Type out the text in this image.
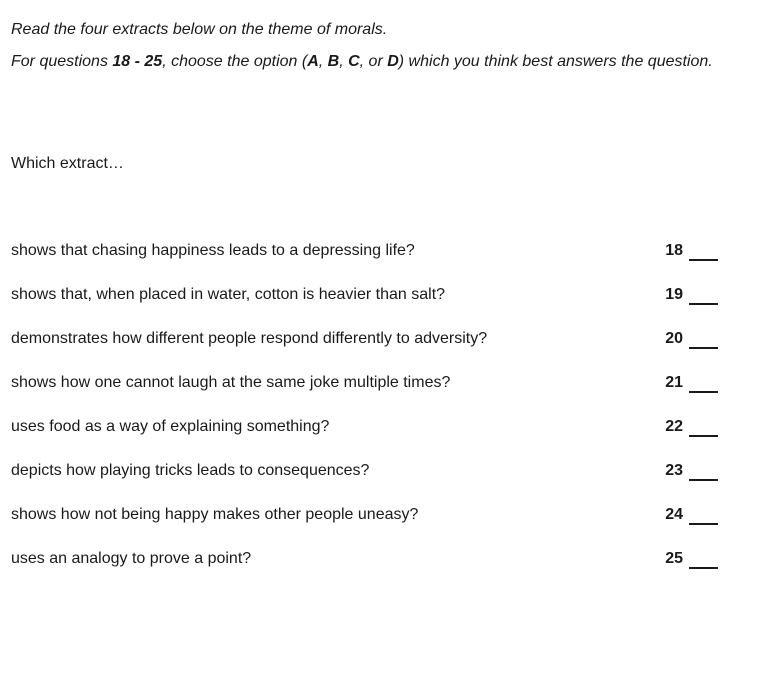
Read the four extracts below on the theme of morals.

For questions 18 - 25, choose the option (A, B, C, or D) which you think best answers the question.

Which extract…
shows that chasing happiness leads to a depressing life?	18
shows that, when placed in water, cotton is heavier than salt?	19
demonstrates how different people respond differently to adversity?	20
shows how one cannot laugh at the same joke multiple times?	21
uses food as a way of explaining something?	22
depicts how playing tricks leads to consequences?	23
shows how not being happy makes other people uneasy?	24
uses an analogy to prove a point?	25
